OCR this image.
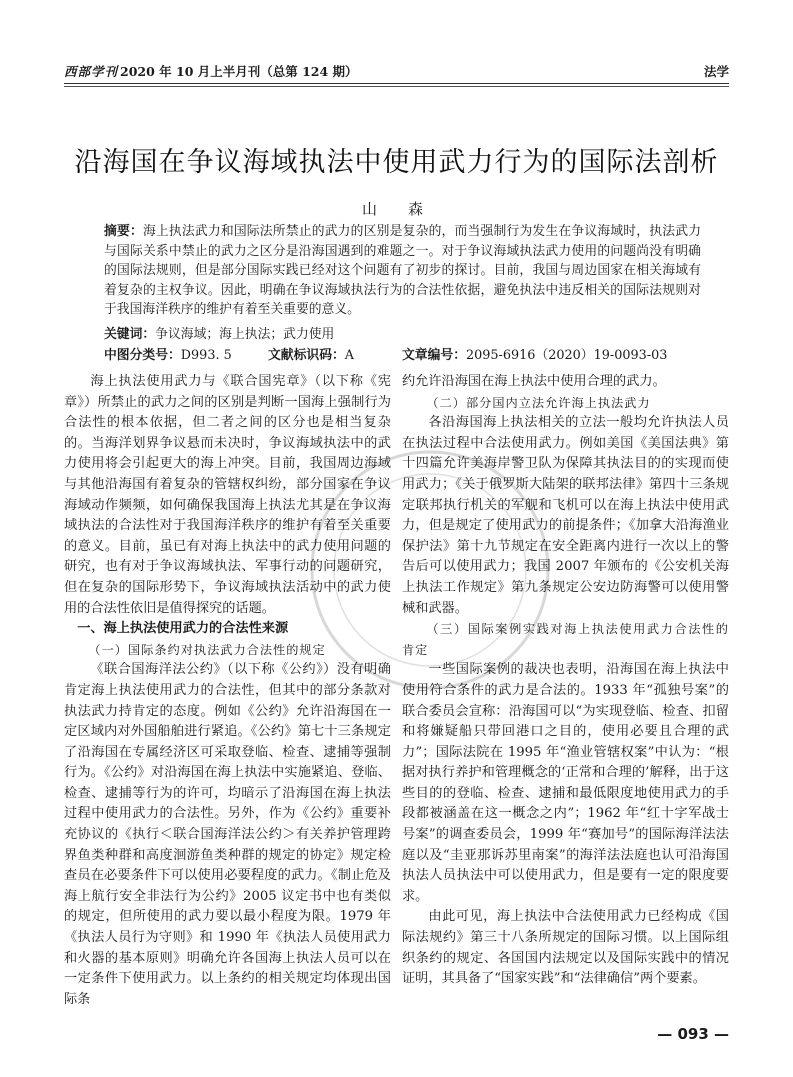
西部学刊 2020 年 10 月上半月刊（总第 124 期）	法学
沿海国在争议海域执法中使用武力行为的国际法剖析
山　森
摘要：海上执法武力和国际法所禁止的武力的区别是复杂的，而当强制行为发生在争议海域时，执法武力与国际关系中禁止的武力之区分是沿海国遇到的难题之一。对于争议海域执法武力使用的问题尚没有明确的国际法规则，但是部分国际实践已经对这个问题有了初步的探讨。目前，我国与周边国家在相关海域有着复杂的主权争议。因此，明确在争议海域执法行为的合法性依据，避免执法中违反相关的国际法规则对于我国海洋秩序的维护有着至关重要的意义。
关键词：争议海域；海上执法；武力使用
中图分类号：D993. 5	文献标识码：A	文章编号：2095-6916（2020）19-0093-03

海上执法使用武力与《联合国宪章》（以下称《宪章》）所禁止的武力之间的区别是判断一国海上强制行为合法性的根本依据，但二者之间的区分也是相当复杂的。当海洋划界争议悬而未决时，争议海域执法中的武力使用将会引起更大的海上冲突。目前，我国周边海域与其他沿海国有着复杂的管辖权纠纷，部分国家在争议海域动作频频，如何确保我国海上执法尤其是在争议海域执法的合法性对于我国海洋秩序的维护有着至关重要的意义。目前，虽已有对海上执法中的武力使用问题的研究，也有对于争议海域执法、军事行动的问题研究，但在复杂的国际形势下，争议海域执法活动中的武力使用的合法性依旧是值得探究的话题。

一、海上执法使用武力的合法性来源
（一）国际条约对执法武力合法性的规定

《联合国海洋法公约》（以下称《公约》）没有明确肯定海上执法使用武力的合法性，但其中的部分条款对执法武力持肯定的态度。例如《公约》允许沿海国在一定区域内对外国船舶进行紧追。《公约》第七十三条规定了沿海国在专属经济区可采取登临、检查、逮捕等强制行为。《公约》对沿海国在海上执法中实施紧追、登临、检查、逮捕等行为的许可，均暗示了沿海国在海上执法过程中使用武力的合法性。另外，作为《公约》重要补充协议的《执行＜联合国海洋法公约＞有关养护管理跨界鱼类种群和高度洄游鱼类种群的规定的协定》规定检查员在必要条件下可以使用必要程度的武力。《制止危及海上航行安全非法行为公约》2005 议定书中也有类似的规定，但所使用的武力要以最小程度为限。1979 年《执法人员行为守则》和 1990 年《执法人员使用武力和火器的基本原则》明确允许各国海上执法人员可以在一定条件下使用武力。以上条约的相关规定均体现出国际条

约允许沿海国在海上执法中使用合理的武力。

（二）部分国内立法允许海上执法武力

各沿海国海上执法相关的立法一般均允许执法人员在执法过程中合法使用武力。例如美国《美国法典》第十四篇允许美海岸警卫队为保障其执法目的的实现而使用武力；《关于俄罗斯大陆架的联邦法律》第四十三条规定联邦执行机关的军舰和飞机可以在海上执法中使用武力，但是规定了使用武力的前提条件；《加拿大沿海渔业保护法》第十九节规定在安全距离内进行一次以上的警告后可以使用武力；我国 2007 年颁布的《公安机关海上执法工作规定》第九条规定公安边防海警可以使用警械和武器。

（三）国际案例实践对海上执法使用武力合法性的肯定

一些国际案例的裁决也表明，沿海国在海上执法中使用符合条件的武力是合法的。1933 年“孤独号案”的联合委员会宣称：沿海国可以“为实现登临、检查、扣留和将嫌疑船只带回港口之目的，使用必要且合理的武力”；国际法院在 1995 年“渔业管辖权案”中认为：“根据对执行养护和管理概念的‘正常和合理的’解释，出于这些目的的登临、检查、逮捕和最低限度地使用武力的手段都被涵盖在这一概念之内”；1962 年“红十字军战士号案”的调查委员会，1999 年“赛加号”的国际海洋法法庭以及“圭亚那诉苏里南案”的海洋法法庭也认可沿海国执法人员执法中可以使用武力，但是要有一定的限度要求。

由此可见，海上执法中合法使用武力已经构成《国际法规约》第三十八条所规定的国际习惯。以上国际组织条约的规定、各国国内法规定以及国际实践中的情况证明，其具备了“国家实践”和“法律确信”两个要素。

— 093 —
